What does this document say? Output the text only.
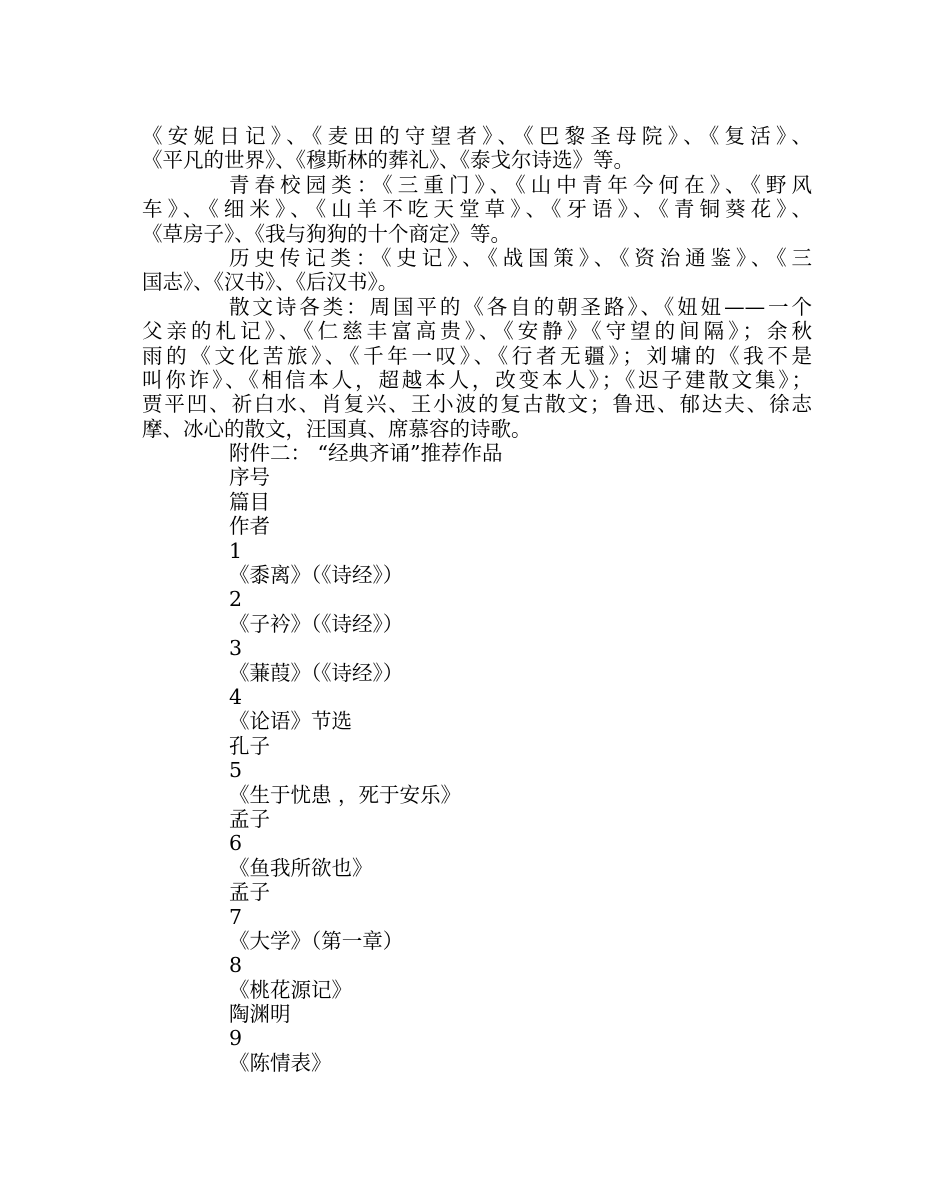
《安妮日记》、《麦田的守望者》、《巴黎圣母院》、《复活》、
《平凡的世界》、《穆斯林的葬礼》、《泰戈尔诗选》等。
青春校园类：《三重门》、《山中青年今何在》、《野风
车》、《细米》、《山羊不吃天堂草》、《牙语》、《青铜葵花》、
《草房子》、《我与狗狗的十个商定》等。
历史传记类：《史记》、《战国策》、《资治通鉴》、《三
国志》、《汉书》、《后汉书》。
散文诗各类：周国平的《各自的朝圣路》、《妞妞——一个
父亲的札记》、《仁慈丰富高贵》、《安静》《守望的间隔》；余秋
雨的《文化苦旅》、《千年一叹》、《行者无疆》；刘墉的《我不是
叫你诈》、《相信本人，超越本人，改变本人》；《迟子建散文集》；
贾平凹、祈白水、肖复兴、王小波的复古散文；鲁迅、郁达夫、徐志
摩、冰心的散文，汪国真、席慕容的诗歌。
附件二： “经典齐诵”推荐作品
序号
篇目
作者
1
《黍离》（《诗经》）
2
《子衿》（《诗经》）
3
《蒹葭》（《诗经》）
4
《论语》节选
孔子
5
《生于忧患 ，死于安乐》
孟子
6
《鱼我所欲也》
孟子
7
《大学》（第一章）
8
《桃花源记》
陶渊明
9
《陈情表》
